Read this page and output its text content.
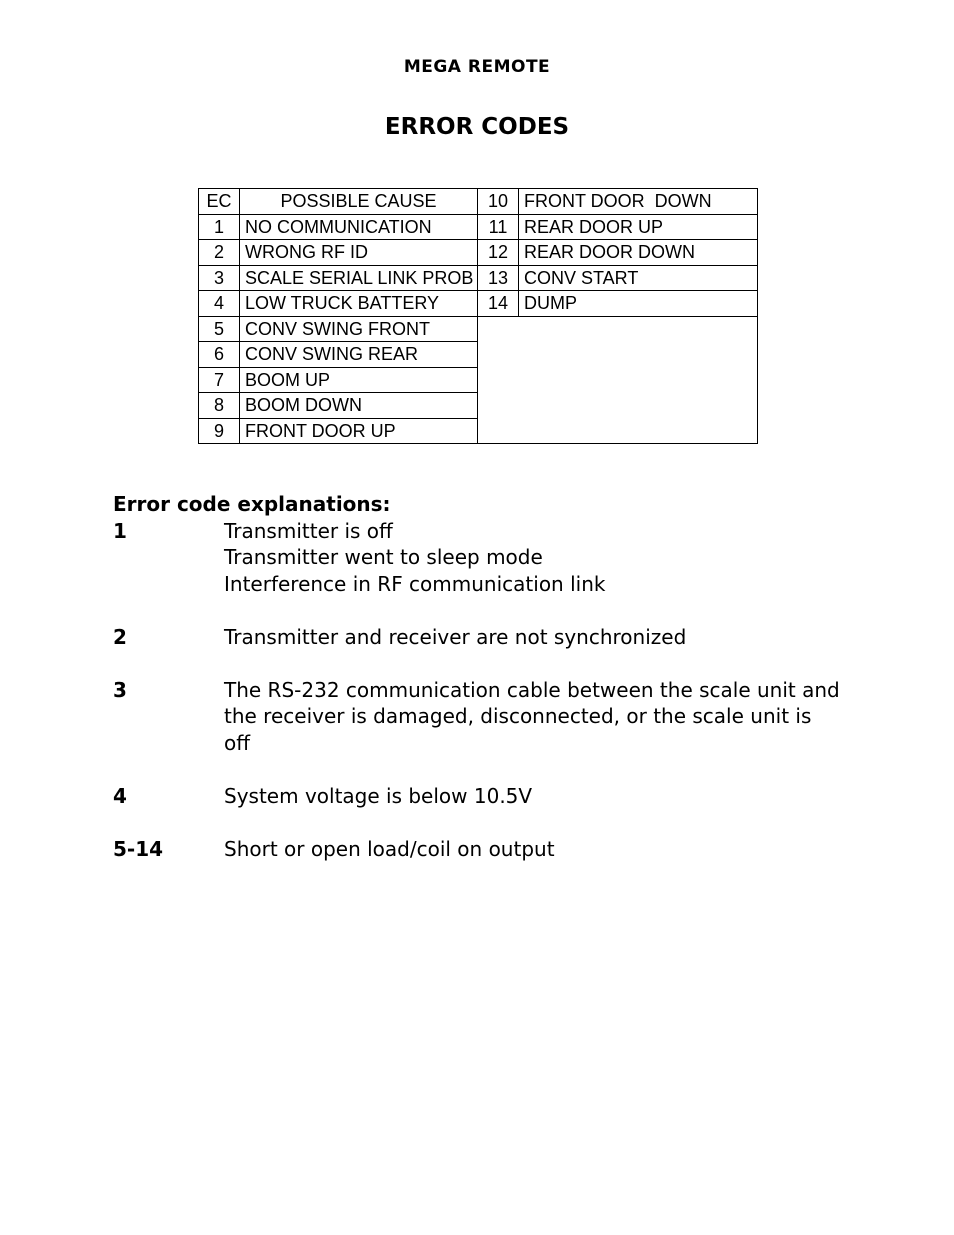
MEGA REMOTE
ERROR CODES
EC	POSSIBLE CAUSE	10	FRONT DOOR  DOWN
1	NO COMMUNICATION	11	REAR DOOR UP
2	WRONG RF ID	12	REAR DOOR DOWN
3	SCALE SERIAL LINK PROB	13	CONV START
4	LOW TRUCK BATTERY	14	DUMP
5	CONV SWING FRONT		
6	CONV SWING REAR		
7	BOOM UP		
8	BOOM DOWN		
9	FRONT DOOR UP		
Error code explanations:
1	Transmitter is off
Transmitter went to sleep mode
Interference in RF communication link
2	Transmitter and receiver are not synchronized
3	The RS-232 communication cable between the scale unit and
the receiver is damaged, disconnected, or the scale unit is
off
4	System voltage is below 10.5V
5-14	Short or open load/coil on output
